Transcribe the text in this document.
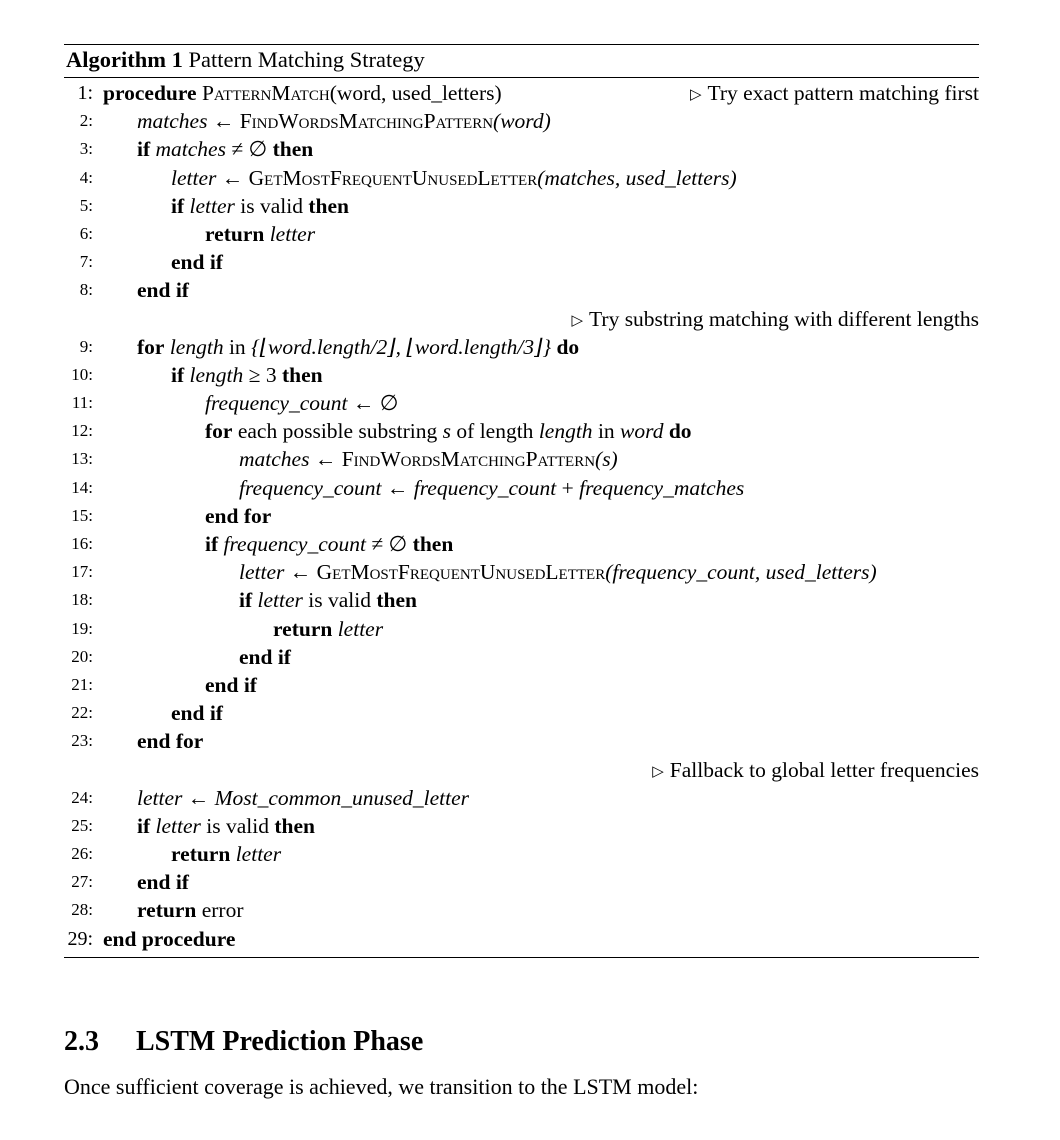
Algorithm 1 Pattern Matching Strategy
1: procedure PatternMatch(word, used_letters)	▷ Try exact pattern matching first
2: matches ← FindWordsMatchingPattern(word)
3: if matches ≠ ∅ then
4:	letter ← GetMostFrequentUnusedLetter(matches, used_letters)
5:	if letter is valid then
6:	return letter
7:	end if
8: end if
▷ Try substring matching with different lengths
9: for length in {⌊word.length/2⌋, ⌊word.length/3⌋} do
10:	if length ≥ 3 then
11:	frequency_count ← ∅
12:	for each possible substring s of length length in word do
13:	matches ← FindWordsMatchingPattern(s)
14:	frequency_count ← frequency_count + frequency_matches
15:	end for
16:	if frequency_count ≠ ∅ then
17:	letter ← GetMostFrequentUnusedLetter(frequency_count, used_letters)
18:	if letter is valid then
19:	return letter
20:	end if
21:	end if
22:	end if
23: end for
▷ Fallback to global letter frequencies
24: letter ← Most_common_unused_letter
25: if letter is valid then
26:	return letter
27: end if
28: return error
29: end procedure
2.3 LSTM Prediction Phase
Once sufficient coverage is achieved, we transition to the LSTM model:
